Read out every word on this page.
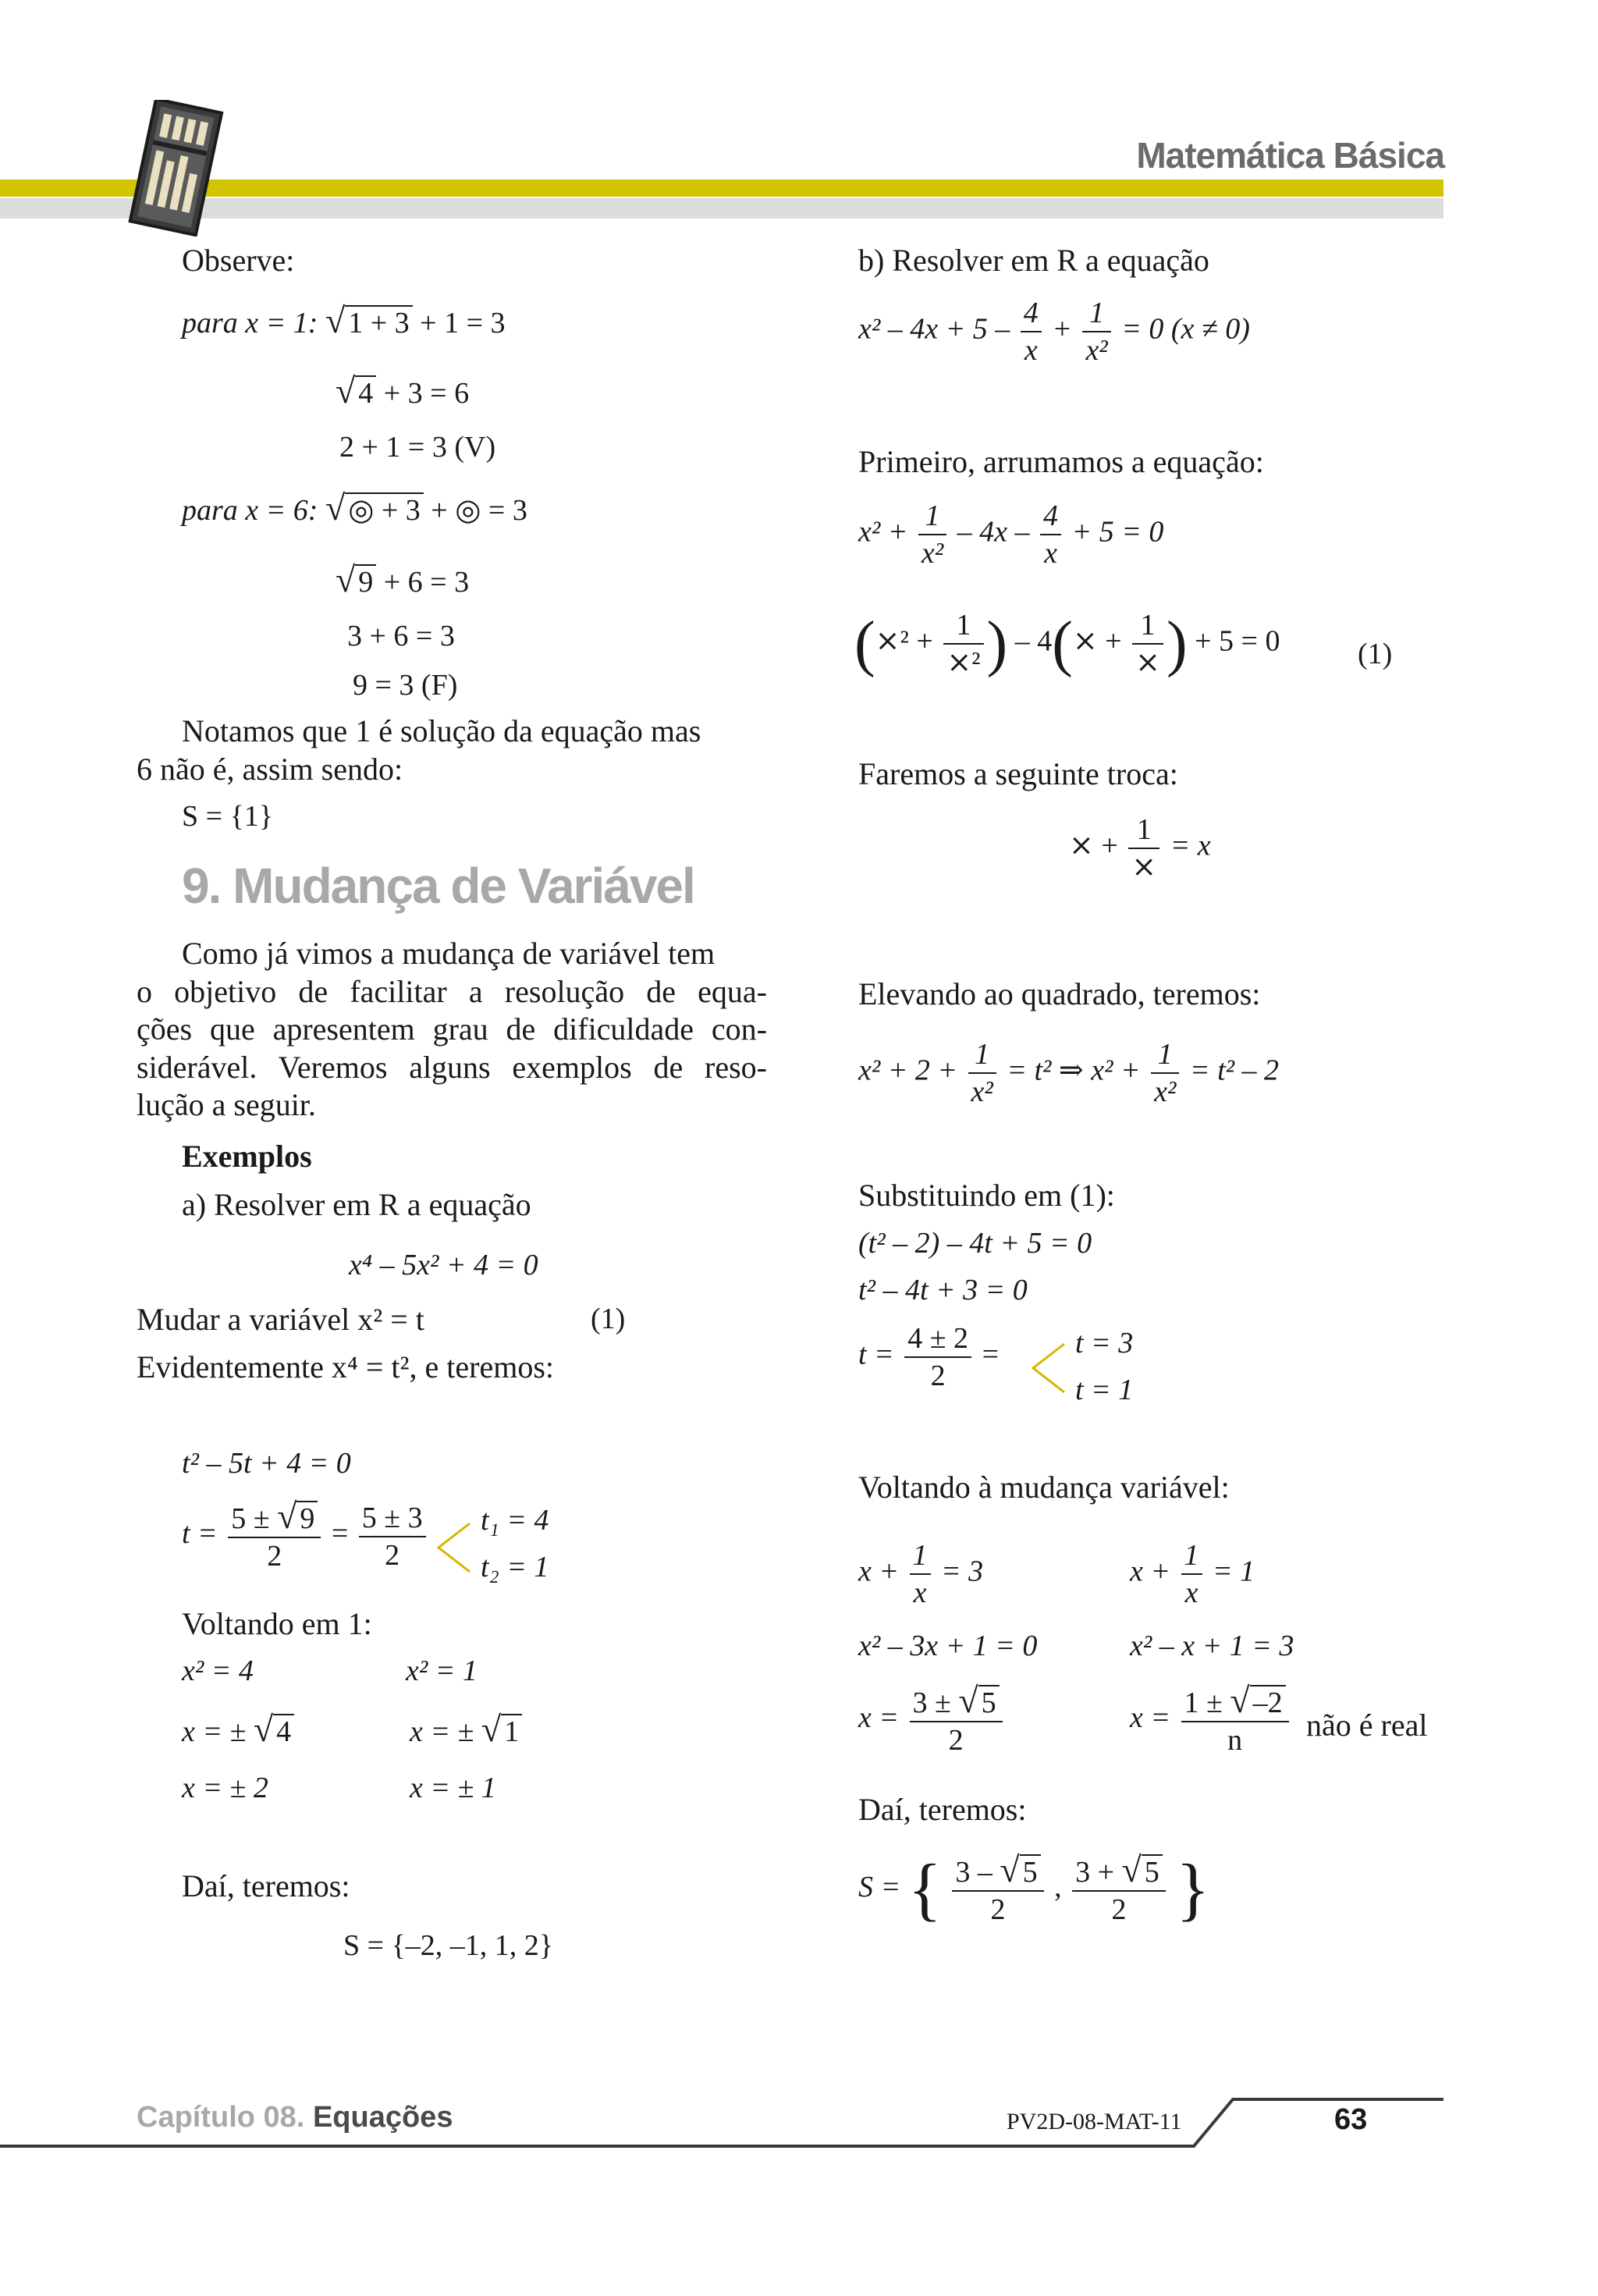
Matemática Básica
Observe:
para x = 1: √ 1 + 3 + 1 = 3
√ 4 + 3 = 6
2 + 1 = 3 (V)
para x = 6: √ ◎ + 3 + ◎ = 3
√ 9 + 6 = 3
3 + 6 = 3
9 = 3 (F)
Notamos que 1 é solução da equação mas
6 não é, assim sendo:
S = {1}
9. Mudança de Variável
Como já vimos a mudança de variável tem
o objetivo de facilitar a resolução de equa-
ções que apresentem grau de dificuldade con-
siderável. Veremos alguns exemplos de reso-
lução a seguir.
Exemplos
a) Resolver em R a equação
x⁴ – 5x² + 4 = 0
Mudar a variável x² = t	(1)
Evidentemente x⁴ = t², e teremos:
t² – 5t + 4 = 0
$t = \frac{5 \pm √ 9}{2} = \frac{5 \pm 3}{2} t_1 = 4$
t₂ = 1
Voltando em 1:
x² = 4	x² = 1
x = ± √ 4	x = ± √ 1
x = ± 2	x = ± 1
Daí, teremos:
S = {–2, –1, 1, 2}
b) Resolver em R a equação
$x^2 - 4x + 5 - \frac{4}{x} + \frac{1}{\text{x²}} = 0$ (x ≠ 0)
Primeiro, arrumamos a equação:
$x^2 + \frac{1}{\text{x²}} - 4x - \frac{4}{x} + 5 = 0$
(⨯² + $\frac{1}{\text{⨯²}}$ ) – 4(⨯ + $\frac{1}{⨯}$ ) + 5 = 0	(1)
Faremos a seguinte troca:
⨯ + $\frac{1}{⨯} = x$
Elevando ao quadrado, teremos:
$x^2 + 2 + \frac{1}{\text{x²}} = t^2$ ⇒ $x^2 + \frac{1}{\text{x²}} = t^2 - 2$
Substituindo em (1):
(t² – 2) – 4t + 5 = 0
t² – 4t + 3 = 0
$t = \frac{4 \pm 2}{2}$ =	t = 3
t = 1
Voltando à mudança variável:
$x + \frac{1}{x} = 3$	$x + \frac{1}{x} = 1$
x² – 3x + 1 = 0	x² – x + 1 = 3
$x = \frac{3 \pm √ 5}{2}$	$x = \frac{1 \pm √ -2}{n}$ não é real
Daí, teremos:
S = { $\frac{3 - √ 5}{2}$ , $\frac{3 + √ 5}{2}$ }
Capítulo 08. Equações	PV2D-08-MAT-11	63
